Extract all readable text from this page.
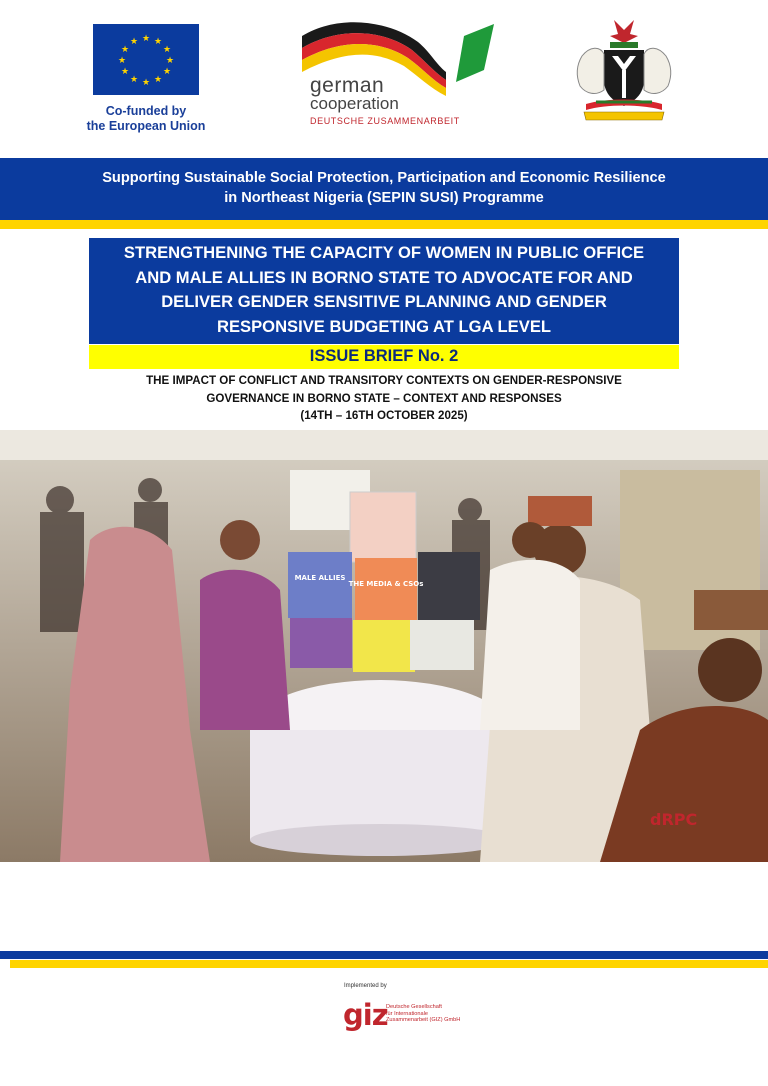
★ ★
★
★
★
★
★
★
★
★
★
★
Co-funded by
the European Union
german
cooperation
DEUTSCHE ZUSAMMENARBEIT
Supporting Sustainable Social Protection, Participation and Economic Resilience
in Northeast Nigeria (SEPIN SUSI) Programme
STRENGTHENING THE CAPACITY OF WOMEN IN PUBLIC OFFICE
AND MALE ALLIES IN BORNO STATE TO ADVOCATE FOR AND
DELIVER GENDER SENSITIVE PLANNING AND GENDER
RESPONSIVE BUDGETING AT LGA LEVEL
ISSUE BRIEF No. 2
THE IMPACT OF CONFLICT AND TRANSITORY CONTEXTS ON GENDER-RESPONSIVE
GOVERNANCE IN BORNO STATE – CONTEXT AND RESPONSES
(14TH – 16TH OCTOBER 2025)
MALE ALLIES
THE MEDIA & CSOs
dRPC
Implemented by
giz
Deutsche Gesellschaft
für Internationale
Zusammenarbeit (GIZ) GmbH
